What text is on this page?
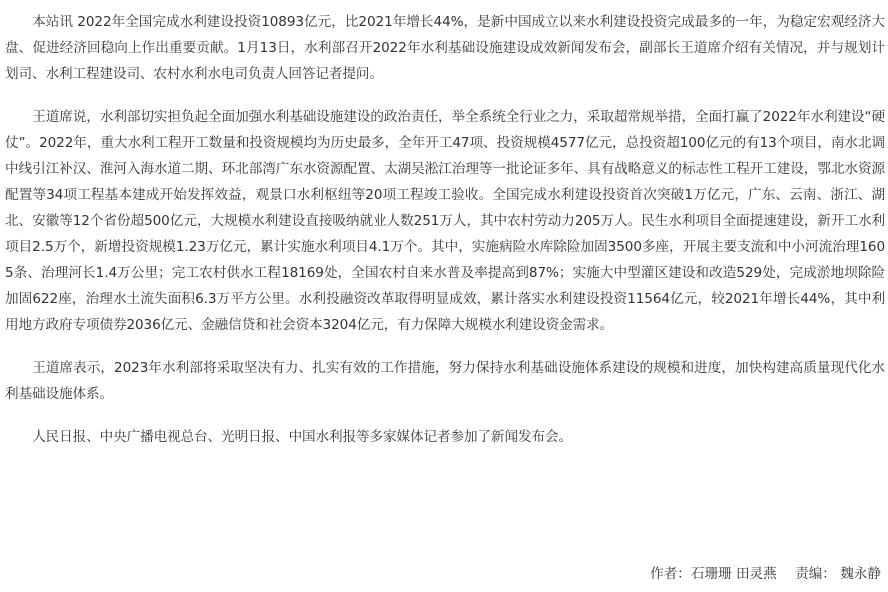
本站讯 2022年全国完成水利建设投资10893亿元，比2021年增长44%，是新中国成立以来水利建设投资完成最多的一年，为稳定宏观经济大盘、促进经济回稳向上作出重要贡献。1月13日，水利部召开2022年水利基础设施建设成效新闻发布会，副部长王道席介绍有关情况，并与规划计划司、水利工程建设司、农村水利水电司负责人回答记者提问。

王道席说，水利部切实担负起全面加强水利基础设施建设的政治责任，举全系统全行业之力，采取超常规举措，全面打赢了2022年水利建设“硬仗”。2022年，重大水利工程开工数量和投资规模均为历史最多，全年开工47项、投资规模4577亿元，总投资超100亿元的有13个项目，南水北调中线引江补汉、淮河入海水道二期、环北部湾广东水资源配置、太湖吴淞江治理等一批论证多年、具有战略意义的标志性工程开工建设，鄂北水资源配置等34项工程基本建成开始发挥效益，观景口水利枢纽等20项工程竣工验收。全国完成水利建设投资首次突破1万亿元，广东、云南、浙江、湖北、安徽等12个省份超500亿元，大规模水利建设直接吸纳就业人数251万人，其中农村劳动力205万人。民生水利项目全面提速建设，新开工水利项目2.5万个，新增投资规模1.23万亿元，累计实施水利项目4.1万个。其中，实施病险水库除险加固3500多座，开展主要支流和中小河流治理1605条、治理河长1.4万公里；完工农村供水工程18169处，全国农村自来水普及率提高到87%；实施大中型灌区建设和改造529处，完成淤地坝除险加固622座，治理水土流失面积6.3万平方公里。水利投融资改革取得明显成效，累计落实水利建设投资11564亿元，较2021年增长44%，其中利用地方政府专项债券2036亿元、金融信贷和社会资本3204亿元，有力保障大规模水利建设资金需求。

王道席表示，2023年水利部将采取坚决有力、扎实有效的工作措施，努力保持水利基础设施体系建设的规模和进度，加快构建高质量现代化水利基础设施体系。

人民日报、中央广播电视总台、光明日报、中国水利报等多家媒体记者参加了新闻发布会。

作者：石珊珊 田灵燕 责编： 魏永静
